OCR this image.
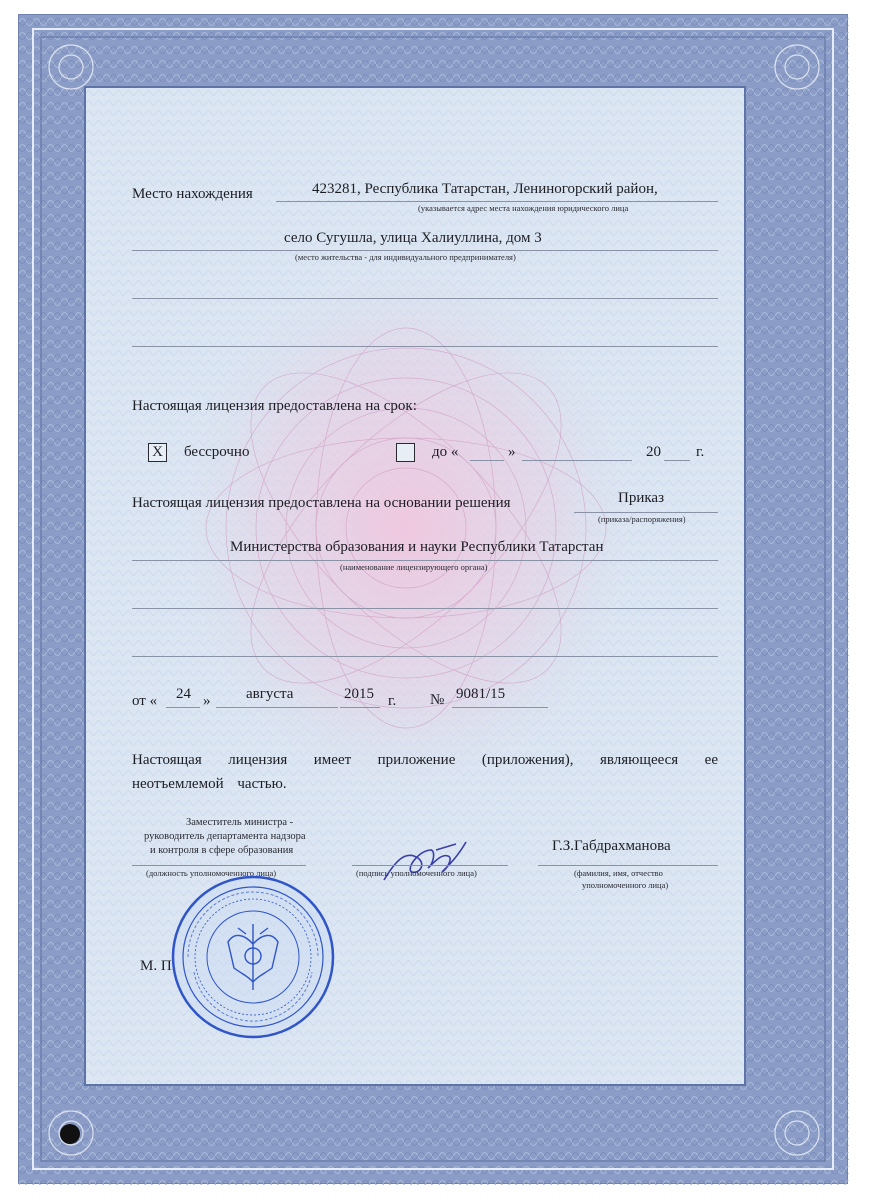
Место нахождения	423281, Республика Татарстан, Лениногорский район,
(указывается адрес места нахождения юридического лица
село Сугушла, улица Халиуллина, дом 3
(место жительства - для индивидуального предпринимателя)
Настоящая лицензия предоставлена на срок:
X бессрочно	до «	»	20 г.
Настоящая лицензия предоставлена на основании решения	Приказ
(приказа/распоряжения)
Министерства образования и науки Республики Татарстан
(наименование лицензирующего органа)
от « 24 » августа	2015 г. № 9081/15
Настоящая лицензия имеет приложение (приложения), являющееся ее
неотъемлемой частью.
Заместитель министра -
руководитель департамента надзора
и контроля в сфере образования
(должность уполномоченного лица)	(подпись уполномоченного лица)
Г.З.Габдрахманова
(фамилия, имя, отчество
уполномоченного лица)
М. П.
